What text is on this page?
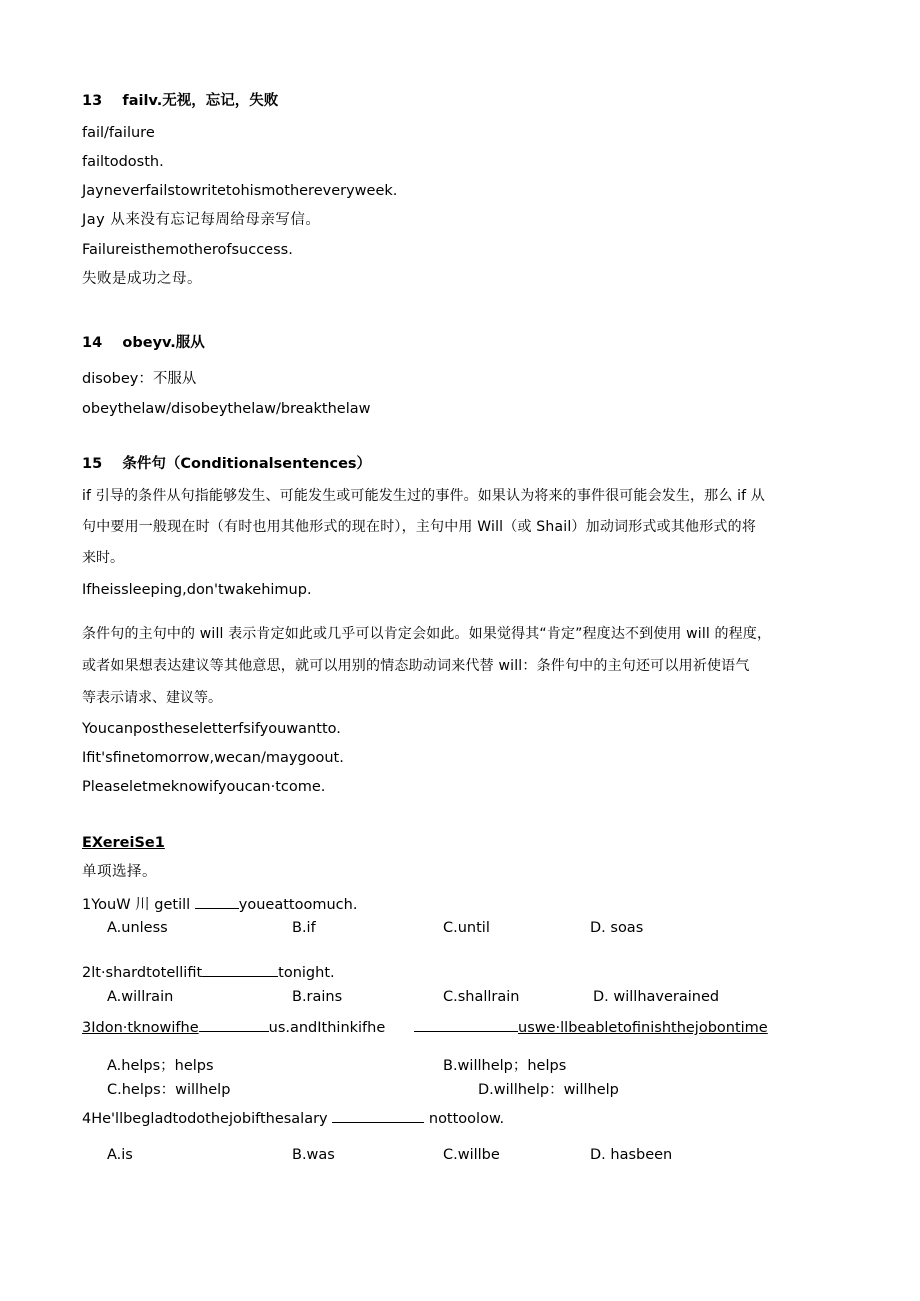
13 failv.无视，忘记，失败
fail/failure
failtodosth.
Jayneverfailstowritetohismothereveryweek.
Jay 从来没有忘记每周给母亲写信。
Failureisthemotherofsuccess.
失败是成功之母。
14 obeyv.服从
disobey：不服从
obeythelaw/disobeythelaw/breakthelaw
15 条件句（Conditionalsentences）
if 引导的条件从句指能够发生、可能发生或可能发生过的事件。如果认为将来的事件很可能会发生，那么 if 从
句中要用一般现在时（有时也用其他形式的现在时），主句中用 Will（或 Shail）加动词形式或其他形式的将
来时。
Ifheissleeping,don'twakehimup.
条件句的主句中的 will 表示肯定如此或几乎可以肯定会如此。如果觉得其“肯定”程度达不到使用 will 的程度，
或者如果想表达建议等其他意思，就可以用别的情态助动词来代替 will：条件句中的主句还可以用祈使语气
等表示请求、建议等。
Youcanpostheseletterfsifyouwantto.
Ifit'sfinetomorrow,wecan/maygoout.
Pleaseletmeknowifyoucan·tcome.
EXereiSe1
单项选择。
1YouW 川 getill	youeattoomuch.
A.unless	B.if	C.until	D. soas
2lt·shardtotellifit	tonight.
A.willrain	B.rains	C.shallrain	D. willhaverained
3Idon·tknowifhe	us.andIthinkifhe	uswe·llbeabletofinishthejobontime
A.helps；helps	B.willhelp；helps
C.helps：willhelp	D.willhelp：willhelp
4He'llbegladtodothejobifthesalary	nottoolow.
A.is	B.was	C.willbe	D. hasbeen
